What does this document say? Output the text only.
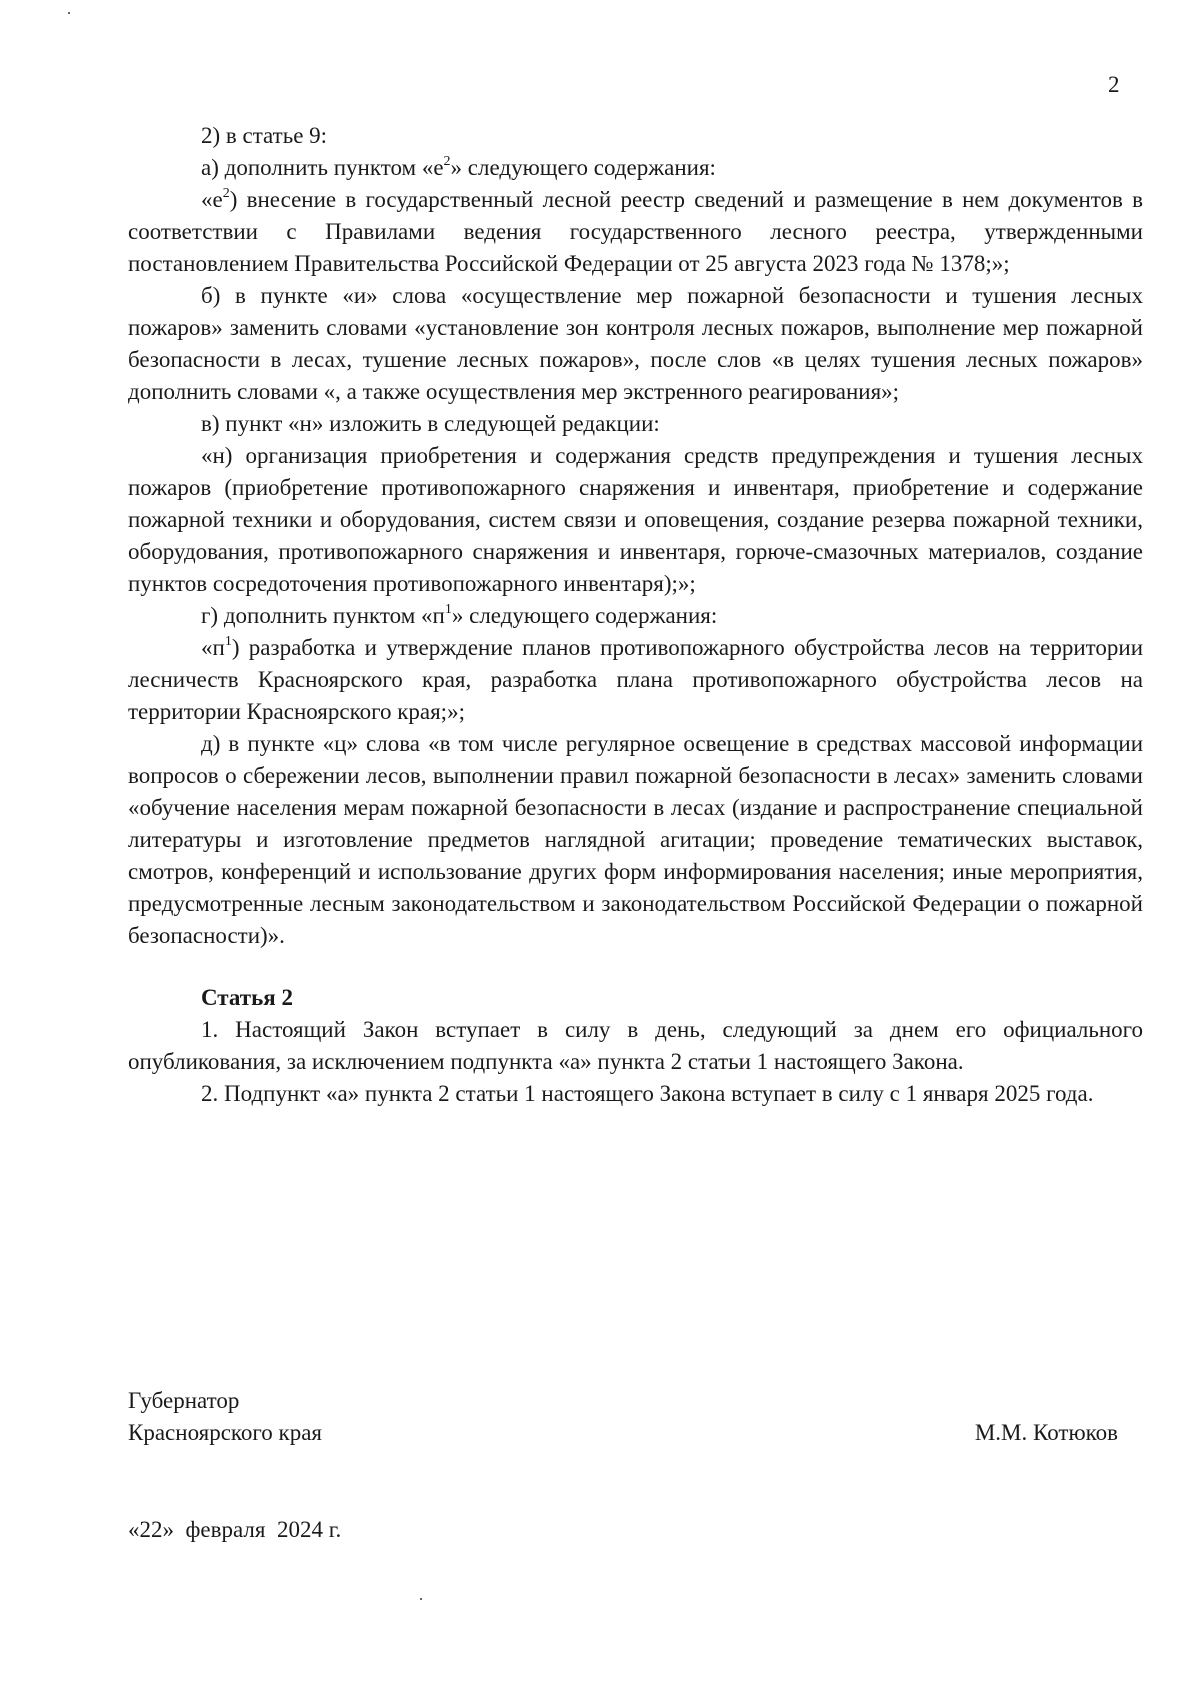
2

2) в статье 9:

а) дополнить пунктом «$е^2$» следующего содержания:

«$е^2$) внесение в государственный лесной реестр сведений и размещение в нем документов в соответствии с Правилами ведения государственного лесного реестра, утвержденными постановлением Правительства Российской Федерации от 25 августа 2023 года № 1378;»;

б) в пункте «и» слова «осуществление мер пожарной безопасности и тушения лесных пожаров» заменить словами «установление зон контроля лесных пожаров, выполнение мер пожарной безопасности в лесах, тушение лесных пожаров», после слов «в целях тушения лесных пожаров» дополнить словами «, а также осуществления мер экстренного реагирования»;

в) пункт «н» изложить в следующей редакции:

«н) организация приобретения и содержания средств предупреждения и тушения лесных пожаров (приобретение противопожарного снаряжения и инвентаря, приобретение и содержание пожарной техники и оборудования, систем связи и оповещения, создание резерва пожарной техники, оборудования, противопожарного снаряжения и инвентаря, горюче-смазочных материалов, создание пунктов сосредоточения противопожарного инвентаря);»;

г) дополнить пунктом «$п^1$» следующего содержания:

«$п^1$) разработка и утверждение планов противопожарного обустройства лесов на территории лесничеств Красноярского края, разработка плана противопожарного обустройства лесов на территории Красноярского края;»;

д) в пункте «ц» слова «в том числе регулярное освещение в средствах массовой информации вопросов о сбережении лесов, выполнении правил пожарной безопасности в лесах» заменить словами «обучение населения мерам пожарной безопасности в лесах (издание и распространение специальной литературы и изготовление предметов наглядной агитации; проведение тематических выставок, смотров, конференций и использование других форм информирования населения; иные мероприятия, предусмотренные лесным законодательством и законодательством Российской Федерации о пожарной безопасности)».

Статья 2

1. Настоящий Закон вступает в силу в день, следующий за днем его официального опубликования, за исключением подпункта «а» пункта 2 статьи 1 настоящего Закона.

2. Подпункт «а» пункта 2 статьи 1 настоящего Закона вступает в силу с 1 января 2025 года.

Губернатор
Красноярского края	М.М. Котюков
«22»  февраля  2024 г.
